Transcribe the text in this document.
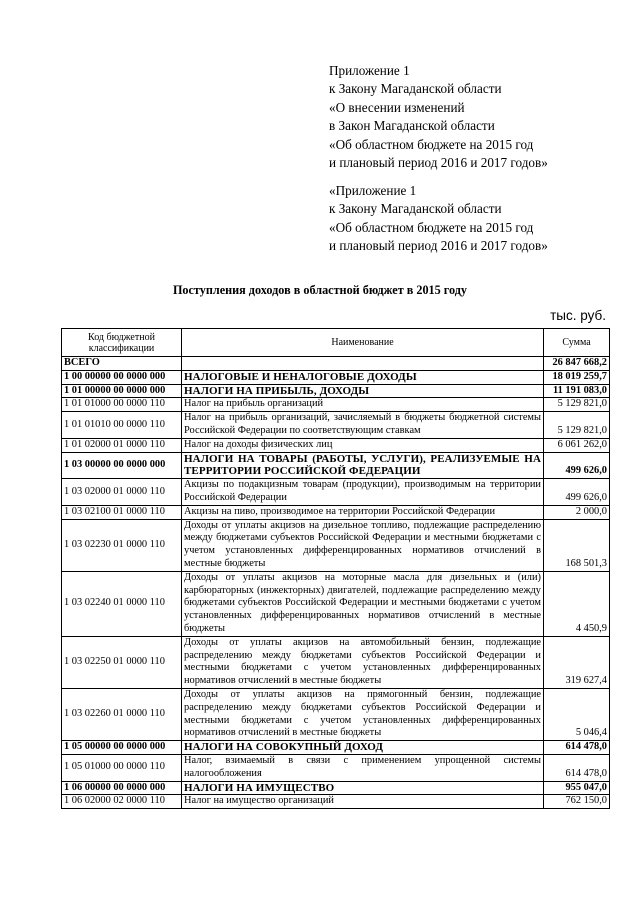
Приложение 1
к Закону Магаданской области
«О внесении изменений
в Закон Магаданской области
«Об областном бюджете на 2015 год
и плановый период 2016 и 2017 годов»
«Приложение 1
к Закону Магаданской области
«Об областном бюджете на 2015 год
и плановый период 2016 и 2017 годов»
Поступления доходов в областной бюджет в 2015 году
тыс. руб.
Код бюджетной классификации	Наименование	Сумма
ВСЕГО		26 847 668,2
1 00 00000 00 0000 000	НАЛОГОВЫЕ И НЕНАЛОГОВЫЕ ДОХОДЫ	18 019 259,7
1 01 00000 00 0000 000	НАЛОГИ НА ПРИБЫЛЬ, ДОХОДЫ	11 191 083,0
1 01 01000 00 0000 110	Налог на прибыль организаций	5 129 821,0
1 01 01010 00 0000 110	Налог на прибыль организаций, зачисляемый в бюджеты бюджетной системы Российской Федерации по соответствующим ставкам	5 129 821,0
1 01 02000 01 0000 110	Налог на доходы физических лиц	6 061 262,0
1 03 00000 00 0000 000	НАЛОГИ НА ТОВАРЫ (РАБОТЫ, УСЛУГИ), РЕАЛИЗУЕМЫЕ НА ТЕРРИТОРИИ РОССИЙСКОЙ ФЕДЕРАЦИИ	499 626,0
1 03 02000 01 0000 110	Акцизы по подакцизным товарам (продукции), производимым на территории Российской Федерации	499 626,0
1 03 02100 01 0000 110	Акцизы на пиво, производимое на территории Российской Федерации	2 000,0
1 03 02230 01 0000 110	Доходы от уплаты акцизов на дизельное топливо, подлежащие распределению между бюджетами субъектов Российской Федерации и местными бюджетами с учетом установленных дифференцированных нормативов отчислений в местные бюджеты	168 501,3
1 03 02240 01 0000 110	Доходы от уплаты акцизов на моторные масла для дизельных и (или) карбюраторных (инжекторных) двигателей, подлежащие распределению между бюджетами субъектов Российской Федерации и местными бюджетами с учетом установленных дифференцированных нормативов отчислений в местные бюджеты	4 450,9
1 03 02250 01 0000 110	Доходы от уплаты акцизов на автомобильный бензин, подлежащие распределению между бюджетами субъектов Российской Федерации и местными бюджетами с учетом установленных дифференцированных нормативов отчислений в местные бюджеты	319 627,4
1 03 02260 01 0000 110	Доходы от уплаты акцизов на прямогонный бензин, подлежащие распределению между бюджетами субъектов Российской Федерации и местными бюджетами с учетом установленных дифференцированных нормативов отчислений в местные бюджеты	5 046,4
1 05 00000 00 0000 000	НАЛОГИ НА СОВОКУПНЫЙ ДОХОД	614 478,0
1 05 01000 00 0000 110	Налог, взимаемый в связи с применением упрощенной системы налогообложения	614 478,0
1 06 00000 00 0000 000	НАЛОГИ НА ИМУЩЕСТВО	955 047,0
1 06 02000 02 0000 110	Налог на имущество организаций	762 150,0
